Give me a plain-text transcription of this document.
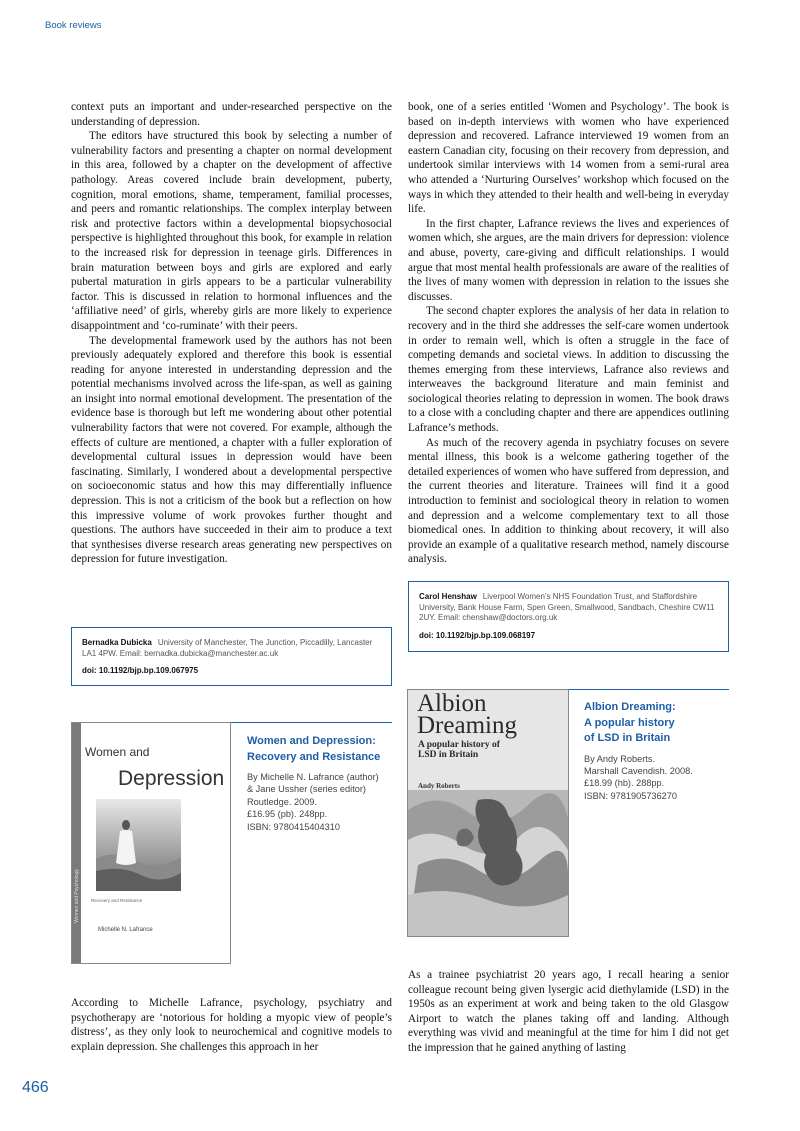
Book reviews

context puts an important and under-researched perspective on the understanding of depression.

The editors have structured this book by selecting a number of vulnerability factors and presenting a chapter on normal development in this area, followed by a chapter on the development of affective pathology. Areas covered include brain development, puberty, cognition, moral emotions, shame, temperament, familial processes, and peers and romantic relationships. The complex interplay between risk and protective factors within a developmental biopsychosocial perspective is highlighted throughout this book, for example in relation to the increased risk for depression in teenage girls. Differences in brain maturation between boys and girls are explored and early pubertal maturation in girls appears to be a particular vulnerability factor. This is discussed in relation to hormonal influences and the ‘affiliative need’ of girls, whereby girls are more likely to experience disappointment and ‘co-ruminate’ with their peers.

The developmental framework used by the authors has not been previously adequately explored and therefore this book is essential reading for anyone interested in understanding depression and the potential mechanisms involved across the life-span, as well as gaining an insight into normal emotional development. The presentation of the evidence base is thorough but left me wondering about other potential vulnerability factors that were not covered. For example, although the effects of culture are mentioned, a chapter with a fuller exploration of developmental cultural issues in depression would have been fascinating. Similarly, I wondered about a developmental perspective on socioeconomic status and how this may differentially influence depression. This is not a criticism of the book but a reflection on how this impressive volume of work provokes further thought and questions. The authors have succeeded in their aim to produce a text that synthesises diverse research areas generating new perspectives on depression for future investigation.

book, one of a series entitled ‘Women and Psychology’. The book is based on in-depth interviews with women who have experienced depression and recovered. Lafrance interviewed 19 women from an eastern Canadian city, focusing on their recovery from depression, and undertook similar interviews with 14 women from a semi-rural area who attended a ‘Nurturing Ourselves’ workshop which focused on the ways in which they attended to their health and well-being in everyday life.

In the first chapter, Lafrance reviews the lives and experiences of women which, she argues, are the main drivers for depression: violence and abuse, poverty, care-giving and difficult relationships. I would argue that most mental health professionals are aware of the realities of the lives of many women with depression in relation to the issues she discusses.

The second chapter explores the analysis of her data in relation to recovery and in the third she addresses the self-care women undertook in order to remain well, which is often a struggle in the face of competing demands and societal views. In addition to discussing the themes emerging from these interviews, Lafrance also reviews and interweaves the background literature and main feminist and sociological theories relating to depression in women. The book draws to a close with a concluding chapter and there are appendices outlining Lafrance’s methods.

As much of the recovery agenda in psychiatry focuses on severe mental illness, this book is a welcome gathering together of the detailed experiences of women who have suffered from depression, and the current theories and literature. Trainees will find it a good introduction to feminist and sociological theory in relation to women and depression and a welcome complementary text to all those biomedical ones. In addition to thinking about recovery, it will also provide an example of a qualitative research method, namely discourse analysis.

Bernadka Dubicka University of Manchester, The Junction, Piccadilly, Lancaster LA1 4PW. Email: bernadka.dubicka@manchester.ac.uk
doi: 10.1192/bjp.bp.109.067975
Carol Henshaw Liverpool Women’s NHS Foundation Trust, and Staffordshire University, Bank House Farm, Spen Green, Smallwood, Sandbach, Cheshire CW11 2UY. Email: chenshaw@doctors.org.uk
doi: 10.1192/bjp.bp.109.068197
Women and Psychology
Women and
Depression
Recovery and Resistance
Michelle N. Lafrance
Women and Depression:
Recovery and Resistance
By Michelle N. Lafrance (author)
& Jane Ussher (series editor)
Routledge. 2009.
£16.95 (pb). 248pp.
ISBN: 9780415404310
Albion
Dreaming
A popular history of
LSD in Britain
Andy Roberts
Albion Dreaming:
A popular history
of LSD in Britain
By Andy Roberts.
Marshall Cavendish. 2008.
£18.99 (hb). 288pp.
ISBN: 9781905736270

According to Michelle Lafrance, psychology, psychiatry and psychotherapy are ‘notorious for holding a myopic view of people’s distress’, as they only look to neurochemical and cognitive models to explain depression. She challenges this approach in her

As a trainee psychiatrist 20 years ago, I recall hearing a senior colleague recount being given lysergic acid diethylamide (LSD) in the 1950s as an experiment at work and being taken to the old Glasgow Airport to watch the planes taking off and landing. Although everything was vivid and meaningful at the time for him I did not get the impression that he gained anything of lasting

466
